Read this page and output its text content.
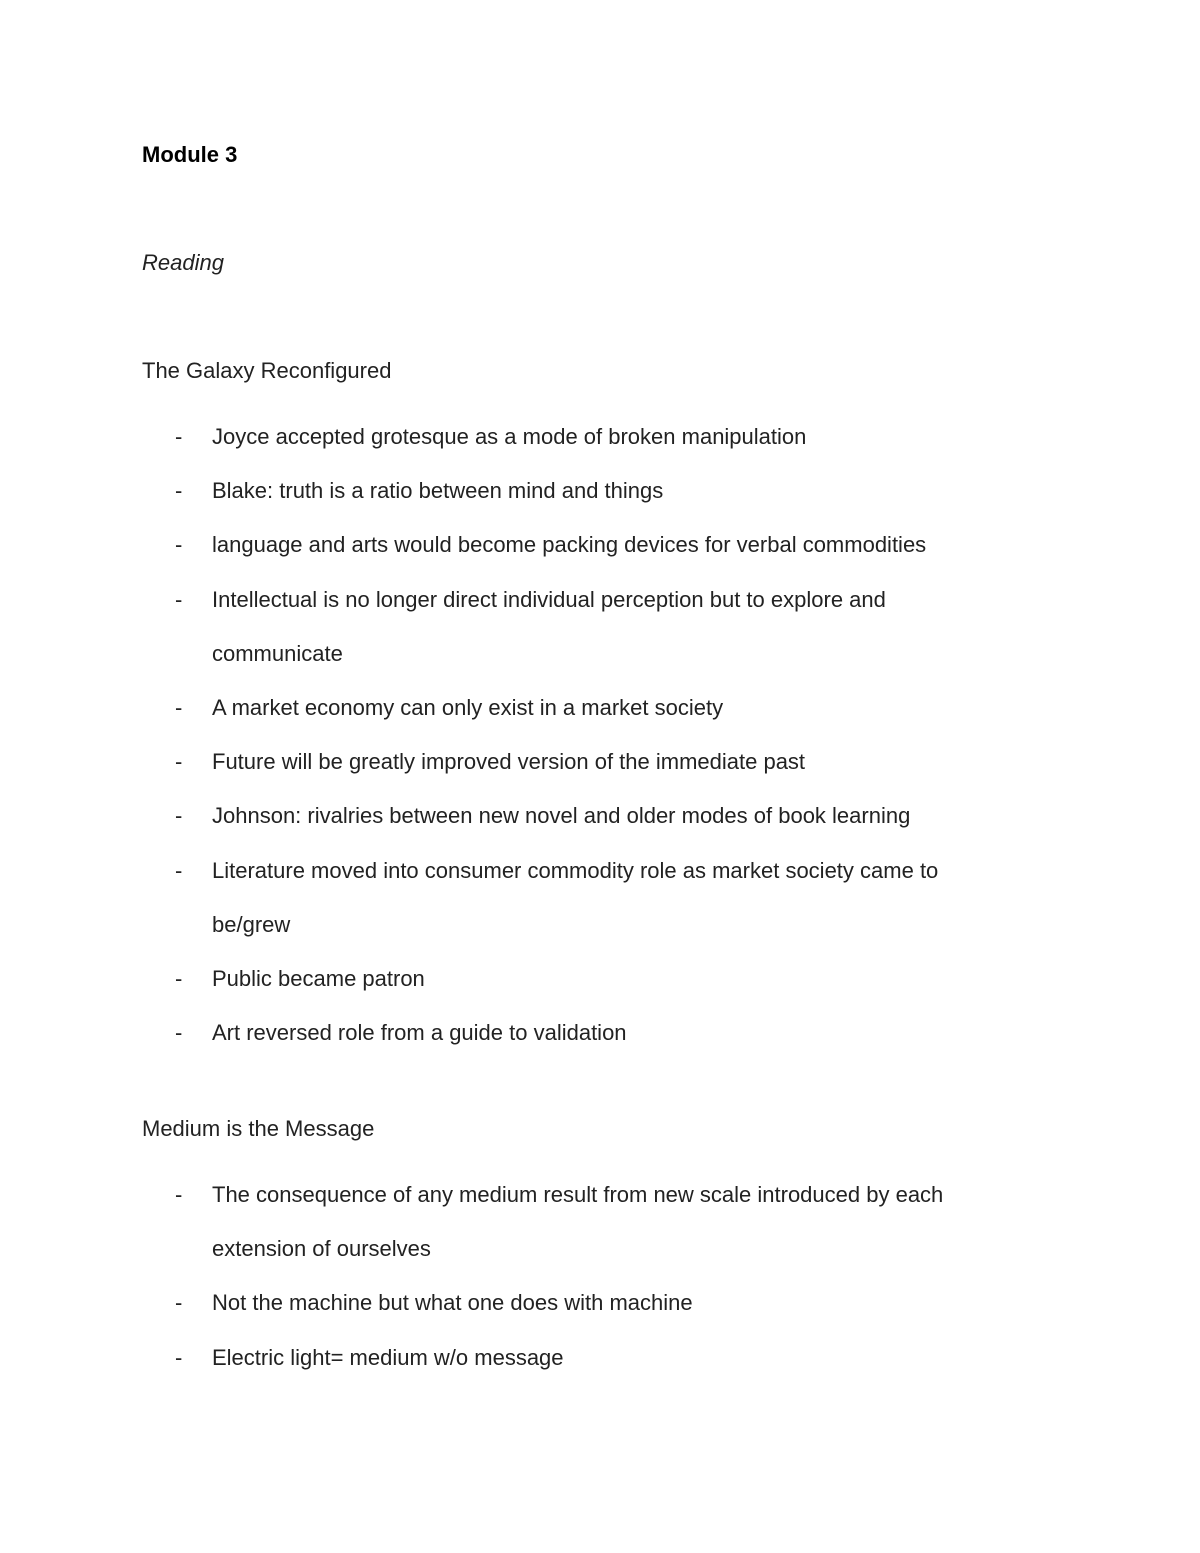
Module 3

Reading

The Galaxy Reconfigured

-	Joyce accepted grotesque as a mode of broken manipulation
-	Blake: truth is a ratio between mind and things
-	language and arts would become packing devices for verbal commodities
-	Intellectual is no longer direct individual perception but to explore and communicate
-	A market economy can only exist in a market society
-	Future will be greatly improved version of the immediate past
-	Johnson: rivalries between new novel and older modes of book learning
-	Literature moved into consumer commodity role as market society came to be/grew
-	Public became patron
-	Art reversed role from a guide to validation

Medium is the Message

-	The consequence of any medium result from new scale introduced by each extension of ourselves
-	Not the machine but what one does with machine
-	Electric light= medium w/o message
